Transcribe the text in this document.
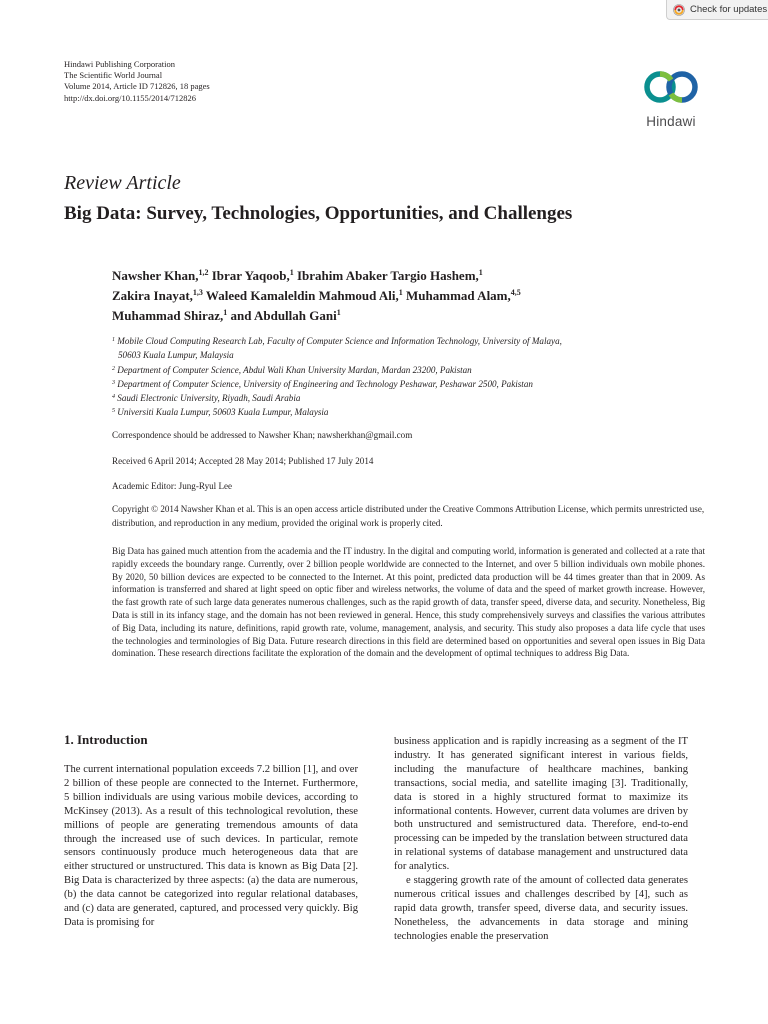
Check for updates
Hindawi Publishing Corporation
The Scientific World Journal
Volume 2014, Article ID 712826, 18 pages
http://dx.doi.org/10.1155/2014/712826
Hindawi
Review Article
Big Data: Survey, Technologies, Opportunities, and Challenges
Nawsher Khan,$^{1,2}$ Ibrar Yaqoob,$^1$ Ibrahim Abaker Targio Hashem,$^1$
Zakira Inayat,$^{1,3}$ Waleed Kamaleldin Mahmoud Ali,$^1$ Muhammad Alam,$^{4,5}$
Muhammad Shiraz,$^1$ and Abdullah Gani$^1$
$^1$ Mobile Cloud Computing Research Lab, Faculty of Computer Science and Information Technology, University of Malaya,
50603 Kuala Lumpur, Malaysia
$^2$ Department of Computer Science, Abdul Wali Khan University Mardan, Mardan 23200, Pakistan
$^3$ Department of Computer Science, University of Engineering and Technology Peshawar, Peshawar 2500, Pakistan
$^4$ Saudi Electronic University, Riyadh, Saudi Arabia
$^5$ Universiti Kuala Lumpur, 50603 Kuala Lumpur, Malaysia
Correspondence should be addressed to Nawsher Khan; nawsherkhan@gmail.com
Received 6 April 2014; Accepted 28 May 2014; Published 17 July 2014
Academic Editor: Jung-Ryul Lee
Copyright © 2014 Nawsher Khan et al. This is an open access article distributed under the Creative Commons Attribution License, which permits unrestricted use, distribution, and reproduction in any medium, provided the original work is properly cited.
Big Data has gained much attention from the academia and the IT industry. In the digital and computing world, information is generated and collected at a rate that rapidly exceeds the boundary range. Currently, over 2 billion people worldwide are connected to the Internet, and over 5 billion individuals own mobile phones. By 2020, 50 billion devices are expected to be connected to the Internet. At this point, predicted data production will be 44 times greater than that in 2009. As information is transferred and shared at light speed on optic fiber and wireless networks, the volume of data and the speed of market growth increase. However, the fast growth rate of such large data generates numerous challenges, such as the rapid growth of data, transfer speed, diverse data, and security. Nonetheless, Big Data is still in its infancy stage, and the domain has not been reviewed in general. Hence, this study comprehensively surveys and classifies the various attributes of Big Data, including its nature, definitions, rapid growth rate, volume, management, analysis, and security. This study also proposes a data life cycle that uses the technologies and terminologies of Big Data. Future research directions in this field are determined based on opportunities and several open issues in Big Data domination. These research directions facilitate the exploration of the domain and the development of optimal techniques to address Big Data.
1. Introduction
The current international population exceeds 7.2 billion [1], and over 2 billion of these people are connected to the Internet. Furthermore, 5 billion individuals are using various mobile devices, according to McKinsey (2013). As a result of this technological revolution, these millions of people are generating tremendous amounts of data through the increased use of such devices. In particular, remote sensors continuously produce much heterogeneous data that are either structured or unstructured. This data is known as Big Data [2]. Big Data is characterized by three aspects: (a) the data are numerous, (b) the data cannot be categorized into regular relational databases, and (c) data are generated, captured, and processed very quickly. Big Data is promising for
business application and is rapidly increasing as a segment of the IT industry. It has generated significant interest in various fields, including the manufacture of healthcare machines, banking transactions, social media, and satellite imaging [3]. Traditionally, data is stored in a highly structured format to maximize its informational contents. However, current data volumes are driven by both unstructured and semistructured data. Therefore, end-to-end processing can be impeded by the translation between structured data in relational systems of database management and unstructured data for analytics.
e staggering growth rate of the amount of collected data generates numerous critical issues and challenges described by [4], such as rapid data growth, transfer speed, diverse data, and security issues. Nonetheless, the advancements in data storage and mining technologies enable the preservation
